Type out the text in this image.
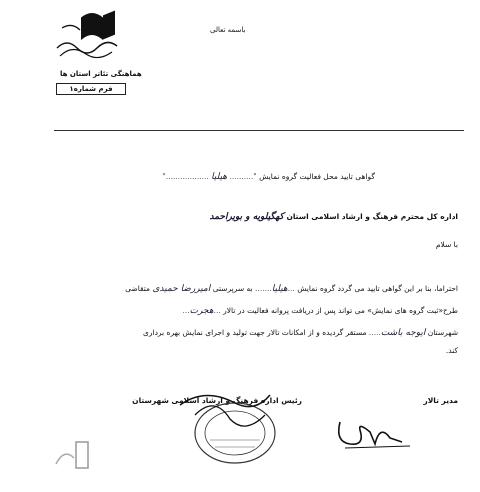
باسمه تعالی
هماهنگی تئاتر استان ها
فرم شماره۱
گواهی تایید محل فعالیت گروه نمایش ".......... هیلیا .................."
اداره کل محترم فرهنگ و ارشاد اسلامی استان کهگیلویه و بویراحمد
با سلام
احتراما، بنا بر این گواهی تایید می گردد گروه نمایش ...هیلیا....... به سرپرستی امیررضا حمیدی متقاضی
طرح«ثبت گروه های نمایش» می تواند پس از دریافت پروانه فعالیت در تالار ...هجرت...
شهرستان ایوجه باشت..... مستقر گردیده و از امکانات تالار جهت تولید و اجرای نمایش بهره برداری
کند.
رئیس اداره فرهنگ و ارشاد اسلامی شهرستان	مدیر تالار
